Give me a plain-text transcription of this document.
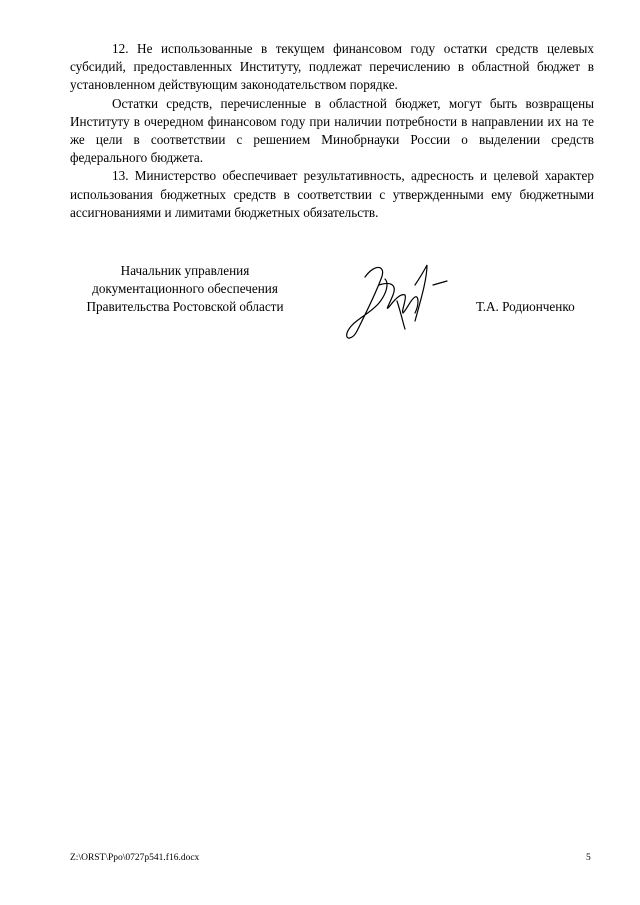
12. Не использованные в текущем финансовом году остатки средств целевых субсидий, предоставленных Институту, подлежат перечислению в областной бюджет в установленном действующим законодательством порядке.

Остатки средств, перечисленные в областной бюджет, могут быть возвращены Институту в очередном финансовом году при наличии потребности в направлении их на те же цели в соответствии с решением Минобрнауки России о выделении средств федерального бюджета.

13. Министерство обеспечивает результативность, адресность и целевой характер использования бюджетных средств в соответствии с утвержденными ему бюджетными ассигнованиями и лимитами бюджетных обязательств.

Начальник управления
документационного обеспечения
Правительства Ростовской области	Т.А. Родионченко
Z:\ORST\Ppo\0727p541.f16.docx	5
